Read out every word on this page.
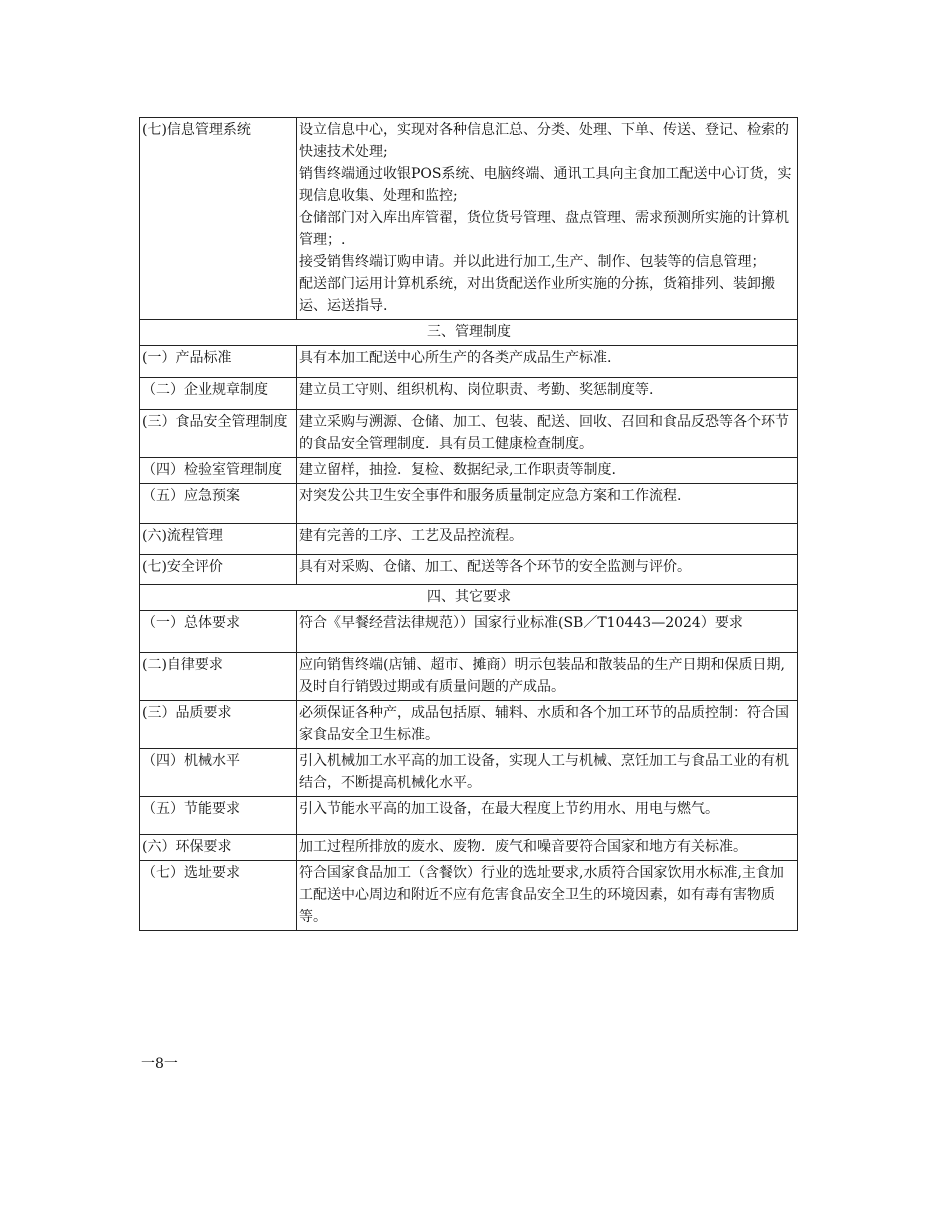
(七)信息管理系统	设立信息中心，实现对各种信息汇总、分类、处理、下单、传送、登记、检索的快速技术处理;
销售终端通过收银POS系统、电脑终端、通讯工具向主食加工配送中心订货，实现信息收集、处理和监控;
仓储部门对入库出库管翟，货位货号管理、盘点管理、需求预测所实施的计算机管理；.
接受销售终端订购申请。并以此进行加工,生产、制作、包装等的信息管理；
配送部门运用计算机系统，对出货配送作业所实施的分拣，货箱排列、装卸搬运、运送指导.

三、管理制度	
(一）产品标准	具有本加工配送中心所生产的各类产成品生产标准.
（二）企业规章制度	建立员工守则、组织机构、岗位职责、考勤、奖惩制度等.
(三）食品安全管理制度	建立采购与溯源、仓储、加工、包装、配送、回收、召回和食品反恐等各个环节的食品安全管理制度．具有员工健康检查制度。
（四）检验室管理制度	建立留样，抽捡．复检、数据纪录,工作职责等制度.
（五）应急预案	对突发公共卫生安全事件和服务质量制定应急方案和工作流程.
(六)流程管理	建有完善的工序、工艺及品控流程。
(七)安全评价	具有对采购、仓储、加工、配送等各个环节的安全监测与评价。
四、其它要求	
（一）总体要求	符合《早餐经营法律规范））国家行业标准(SB／T10443—2024）要求
(二)自律要求	应向销售终端(店铺、超市、摊商）明示包装品和散装品的生产日期和保质日期,及时自行销毁过期或有质量问题的产成品。
(三）品质要求	必须保证各种产，成品包括原、辅料、水质和各个加工环节的品质控制：符合国家食品安全卫生标准。
（四）机械水平	引入机械加工水平高的加工设备，实现人工与机械、烹饪加工与食品工业的有机结合，不断提高机械化水平。
（五）节能要求	引入节能水平高的加工设备，在最大程度上节约用水、用电与燃气。
(六）环保要求	加工过程所排放的废水、废物．废气和噪音要符合国家和地方有关标准。
（七）选址要求	符合国家食品加工（含餐饮）行业的选址要求,水质符合国家饮用水标准,主食加工配送中心周边和附近不应有危害食品安全卫生的环境因素，如有毒有害物质等。
一8一
